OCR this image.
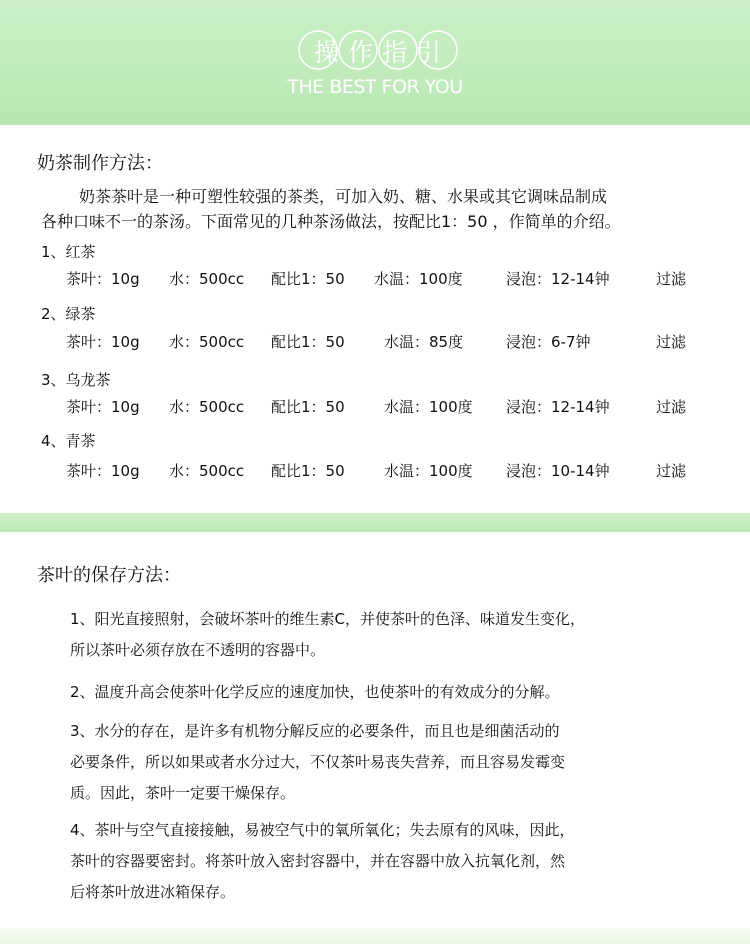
操作指引
THE BEST FOR YOU
奶茶制作方法：
奶茶茶叶是一种可塑性较强的茶类，可加入奶、糖、水果或其它调味品制成
各种口味不一的茶汤。下面常见的几种茶汤做法，按配比1：50 ，作简单的介绍。
1、红茶
茶叶：10g 水：500cc 配比1：50 水温：100度	浸泡：12-14钟	过滤
2、绿茶
茶叶：10g 水：500cc 配比1：50	水温：85度	浸泡：6-7钟	过滤
3、乌龙茶
茶叶：10g 水：500cc 配比1：50	水温：100度 浸泡：12-14钟	过滤
4、青茶
茶叶：10g 水：500cc 配比1：50	水温：100度 浸泡：10-14钟	过滤
茶叶的保存方法：
1、阳光直接照射，会破坏茶叶的维生素C，并使茶叶的色泽、味道发生变化，
所以茶叶必须存放在不透明的容器中。
2、温度升高会使茶叶化学反应的速度加快，也使茶叶的有效成分的分解。
3、水分的存在，是许多有机物分解反应的必要条件，而且也是细菌活动的
必要条件，所以如果或者水分过大，不仅茶叶易丧失营养，而且容易发霉变
质。因此，茶叶一定要干燥保存。
4、茶叶与空气直接接触，易被空气中的氧所氧化；失去原有的风味，因此，
茶叶的容器要密封。将茶叶放入密封容器中，并在容器中放入抗氧化剂，然
后将茶叶放进冰箱保存。
